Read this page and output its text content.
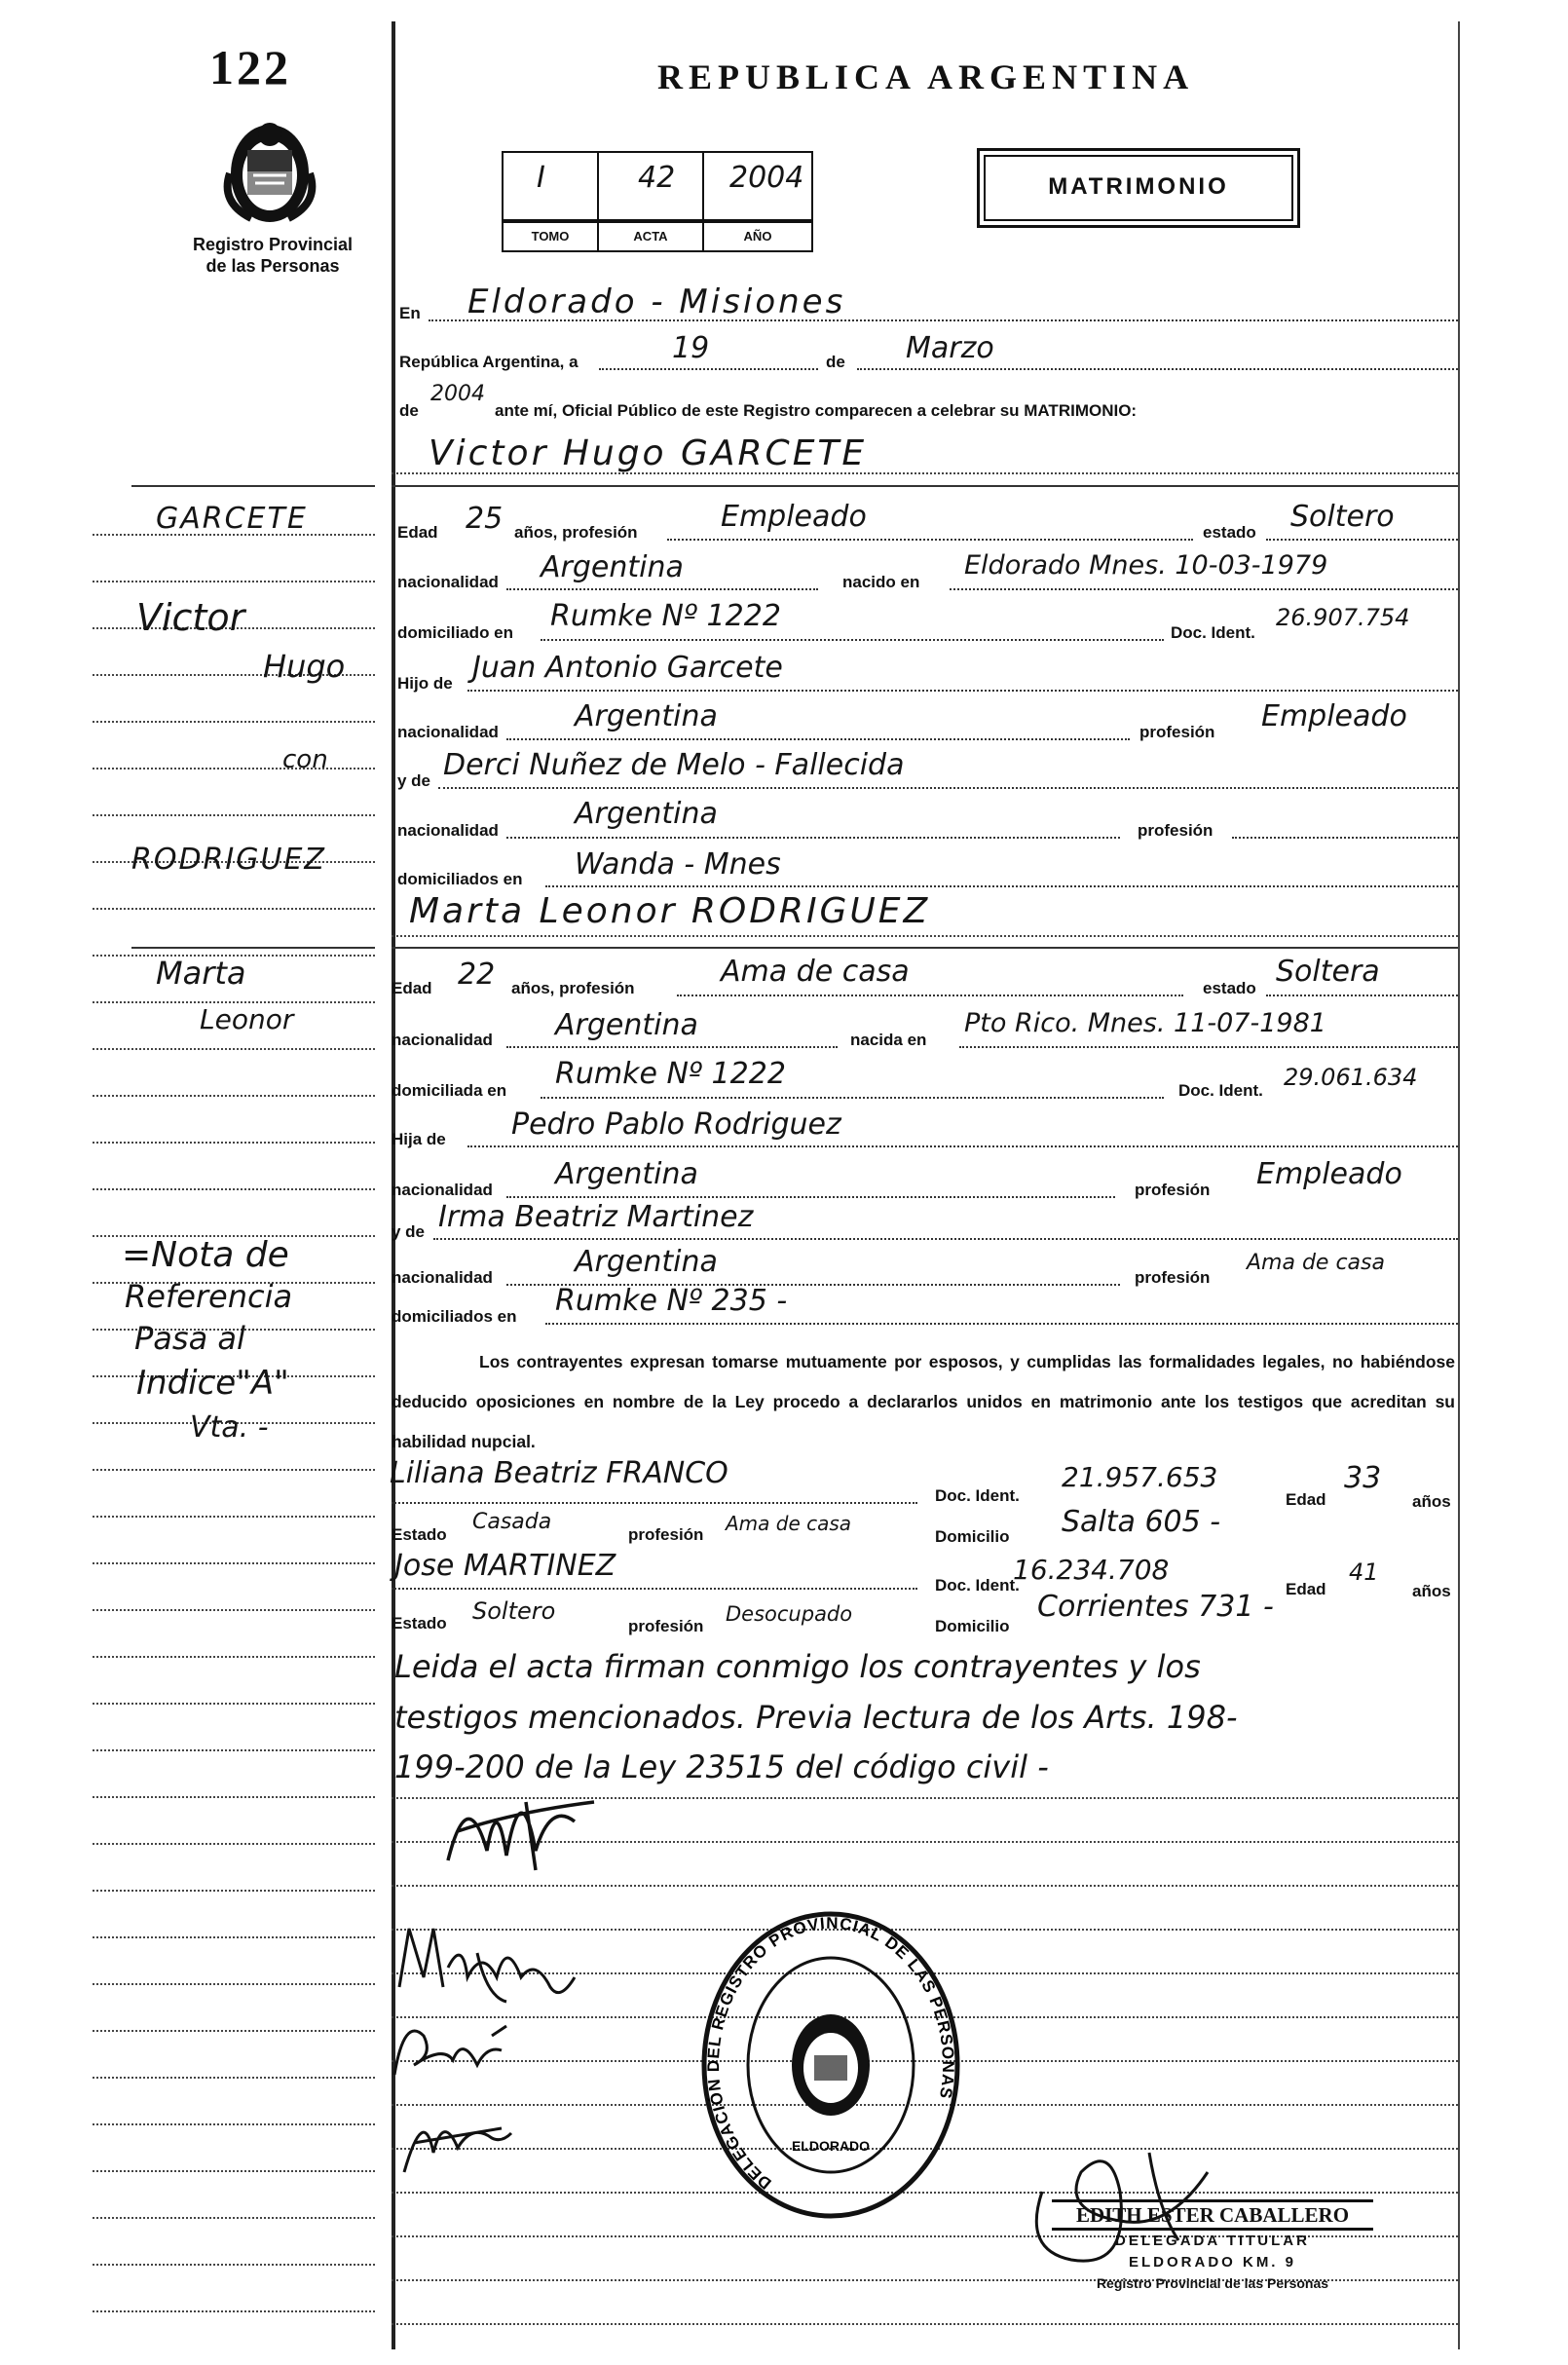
122
Registro Provincial
de las Personas
REPUBLICA ARGENTINA
I	42 2004
TOMO	ACTA	AÑO
MATRIMONIO
En Eldorado - Misiones
República Argentina, a	19	de Marzo
de
2004
ante mí, Oficial Público de este Registro comparecen a celebrar su MATRIMONIO:
Victor Hugo GARCETE
Edad 25 años, profesión	Empleado	estado Soltero
nacionalidad Argentina	nacido en
Eldorado Mnes. 10-03-1979
domiciliado en Rumke Nº 1222	Doc. Ident.
26.907.754
Hijo de Juan Antonio Garcete
nacionalidad	Argentina	profesión Empleado
y de Derci Nuñez de Melo - Fallecida
nacionalidad	Argentina	profesión
domiciliados en Wanda - Mnes
Marta Leonor RODRIGUEZ
Edad 22 años, profesión	Ama de casa	estado Soltera
nacionalidad Argentina	nacida en
Pto Rico. Mnes. 11-07-1981
domiciliada en Rumke Nº 1222	Doc. Ident. 29.061.634
Hija de Pedro Pablo Rodriguez
nacionalidad Argentina	profesión Empleado
y de Irma Beatriz Martinez
nacionalidad	Argentina	profesión
Ama de casa
domiciliados en Rumke Nº 235 -
Los contrayentes expresan tomarse mutuamente por esposos, y cumplidas las formalidades legales, no habiéndose deducido oposiciones en nombre de la Ley procedo a declararlos unidos en matrimonio ante los testigos que acreditan su habilidad nupcial.
Liliana Beatriz FRANCO
Doc. Ident.
21.957.653
Edad
33
años
Estado
Casada
profesión Ama de casa
Domicilio Salta 605 -
Jose MARTINEZ
Doc. Ident.
16.234.708
Edad
41
años
Estado Soltero
profesión
Desocupado
Domicilio
Corrientes 731 -
Leida el acta firman conmigo los contrayentes y los
testigos mencionados. Previa lectura de los Arts. 198-
199-200 de la Ley 23515 del código civil -
GARCETE
Victor
Hugo
con
RODRIGUEZ
Marta
Leonor
=Nota de
Referencia
Pasa al
Indice"A"
Vta. -
DELEGACIÓN DEL REGISTRO PROVINCIAL DE LAS PERSONAS
ELDORADO
EDITH ESTER CABALLERO
DELEGADA TITULAR
ELDORADO KM. 9
Registro Provincial de las Personas
